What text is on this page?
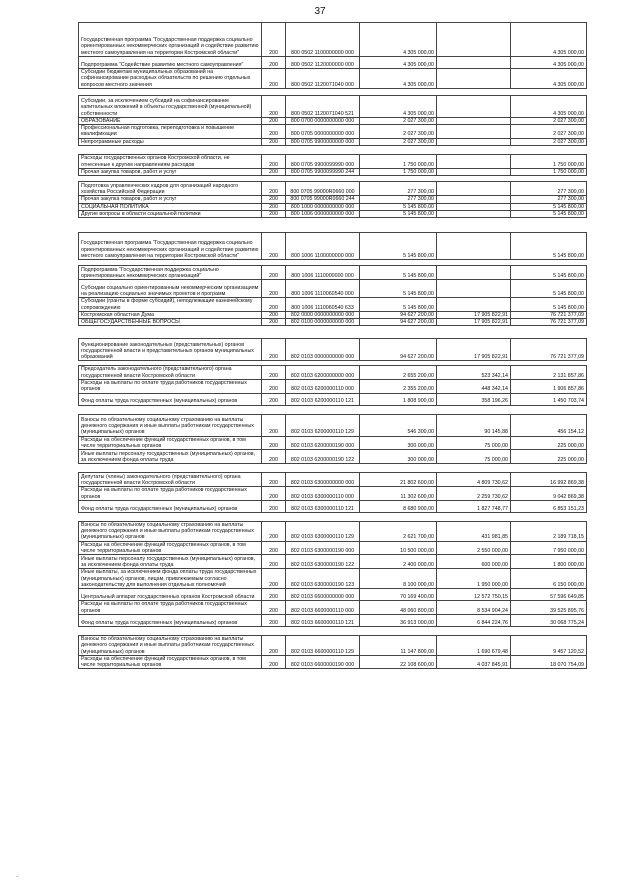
37
Государственная программа "Государственная поддержка социально ориентированных некоммерческих организаций и содействие развитию местного самоуправления на территории Костромской области"	200	800 0502 1100000000 000	4 305 000,00		4 305 000,00
Подпрограмма "Содействие развитию местного самоуправления"	200	800 0502 1120000000 000	4 305 000,00		4 305 000,00
Субсидии бюджетам муниципальных образований на софинансирование расходных обязательств по решению отдельных вопросов местного значения	200	800 0502 1120071040 000	4 305 000,00		4 305 000,00

Субсидии, за исключением субсидий на софинансирование капитальных вложений в объекты государственной (муниципальной) собственности	200	800 0502 1120071040 521	4 305 000,00		4 305 000,00
ОБРАЗОВАНИЕ	200	800 0700 0000000000 000	2 027 300,00		2 027 300,00
Профессиональная подготовка, переподготовка и повышение квалификации	200	800 0705 0000000000 000	2 027 300,00		2 027 300,00
Непрограммные расходы	200	800 0705 9900000000 000	2 027 300,00		2 027 300,00

Расходы государственных органов Костромской области, не отнесенные к другим направлениям расходов	200	800 0705 9900099990 000	1 750 000,00		1 750 000,00
Прочая закупка товаров, работ и услуг	200	800 0705 9900099990 244	1 750 000,00		1 750 000,00

Подготовка управленческих кадров для организаций народного хозяйства Российской Федерации	200	800 0705 99000R0660 000	277 300,00		277 300,00
Прочая закупка товаров, работ и услуг	200	800 0705 99000R0660 244	277 300,00		277 300,00
СОЦИАЛЬНАЯ ПОЛИТИКА	200	800 1000 0000000000 000	5 145 800,00		5 145 800,00
Другие вопросы в области социальной политики	200	800 1006 0000000000 000	5 145 800,00		5 145 800,00

Государственная программа "Государственная поддержка социально ориентированных некоммерческих организаций и содействие развитию местного самоуправления на территории Костромской области"	200	800 1006 1100000000 000	5 145 800,00		5 145 800,00

Подпрограмма "Государственная поддержка социально ориентированных некоммерческих организаций"	200	800 1006 1110000000 000	5 145 800,00		5 145 800,00
Субсидии социально ориентированным некоммерческим организациям на реализацию социально значимых проектов и программ	200	800 1006 1110060540 000	5 145 800,00		5 145 800,00
Субсидии (гранты в форме субсидий), неподлежащие казначейскому сопровождению	200	800 1006 1110060540 633	5 145 800,00		5 145 800,00
Костромская областная Дума	200	802 0000 0000000000 000	94 627 200,00	17 905 822,91	76 721 377,09
ОБЩЕГОСУДАРСТВЕННЫЕ ВОПРОСЫ	200	802 0100 0000000000 000	94 627 200,00	17 905 822,91	76 721 377,09

Функционирование законодательных (представительных) органов государственной власти и представительных органов муниципальных образований	200	802 0103 0000000000 000	94 627 200,00	17 905 822,91	76 721 377,09

Председатель законодательного (представительного) органа государственной власти Костромской области	200	802 0103 6200000000 000	2 655 200,00	523 342,14	2 131 857,86
Расходы на выплаты по оплате труда работников государственных органов	200	802 0103 6200000110 000	2 355 200,00	448 342,14	1 906 857,86
Фонд оплаты труда государственных (муниципальных) органов	200	802 0103 6200000110 121	1 808 900,00	358 196,26	1 450 703,74

Взносы по обязательному социальному страхованию на выплаты денежного содержания и иные выплаты работникам государственных (муниципальных) органов	200	802 0103 6200000110 129	546 300,00	90 145,88	456 154,12
Расходы на обеспечение функций государственных органов, в том числе территориальных органов	200	802 0103 6200000190 000	300 000,00	75 000,00	225 000,00
Иные выплаты персоналу государственных (муниципальных) органов, за исключением фонда оплаты труда	200	802 0103 6200000190 122	300 000,00	75 000,00	225 000,00

Депутаты (члены) законодательного (представительного) органа государственной власти Костромской области	200	802 0103 6300000000 000	21 802 600,00	4 809 730,62	16 992 869,38
Расходы на выплаты по оплате труда работников государственных органов	200	802 0103 6300000110 000	11 302 600,00	2 259 730,62	9 042 869,38
Фонд оплаты труда государственных (муниципальных) органов	200	802 0103 6300000110 121	8 680 900,00	1 827 748,77	6 853 151,23

Взносы по обязательному социальному страхованию на выплаты денежного содержания и иные выплаты работникам государственных (муниципальных) органов	200	802 0103 6300000110 129	2 621 700,00	431 981,85	2 189 718,15
Расходы на обеспечение функций государственных органов, в том числе территориальных органов	200	802 0103 6300000190 000	10 500 000,00	2 550 000,00	7 950 000,00
Иные выплаты персоналу государственных (муниципальных) органов, за исключением фонда оплаты труда	200	802 0103 6300000190 122	2 400 000,00	600 000,00	1 800 000,00
Иные выплаты, за исключением фонда оплаты труда государственных (муниципальных) органов, лицам, привлекаемым согласно законодательству для выполнения отдельных полномочий	200	802 0103 6300000190 123	8 100 000,00	1 950 000,00	6 150 000,00
Центральный аппарат государственных органов Костромской области	200	802 0103 6600000000 000	70 169 400,00	12 572 750,15	57 596 649,85
Расходы на выплаты по оплате труда работников государственных органов	200	802 0103 6600000110 000	48 060 800,00	8 534 904,24	39 525 895,76
Фонд оплаты труда государственных (муниципальных) органов	200	802 0103 6600000110 121	36 913 000,00	6 844 224,76	30 068 775,24

Взносы по обязательному социальному страхованию на выплаты денежного содержания и иные выплаты работникам государственных (муниципальных) органов	200	802 0103 6600000110 129	11 147 800,00	1 690 679,48	9 457 120,52
Расходы на обеспечение функций государственных органов, в том числе территориальных органов	200	802 0103 6600000190 000	22 108 600,00	4 037 845,91	18 070 754,09
-
